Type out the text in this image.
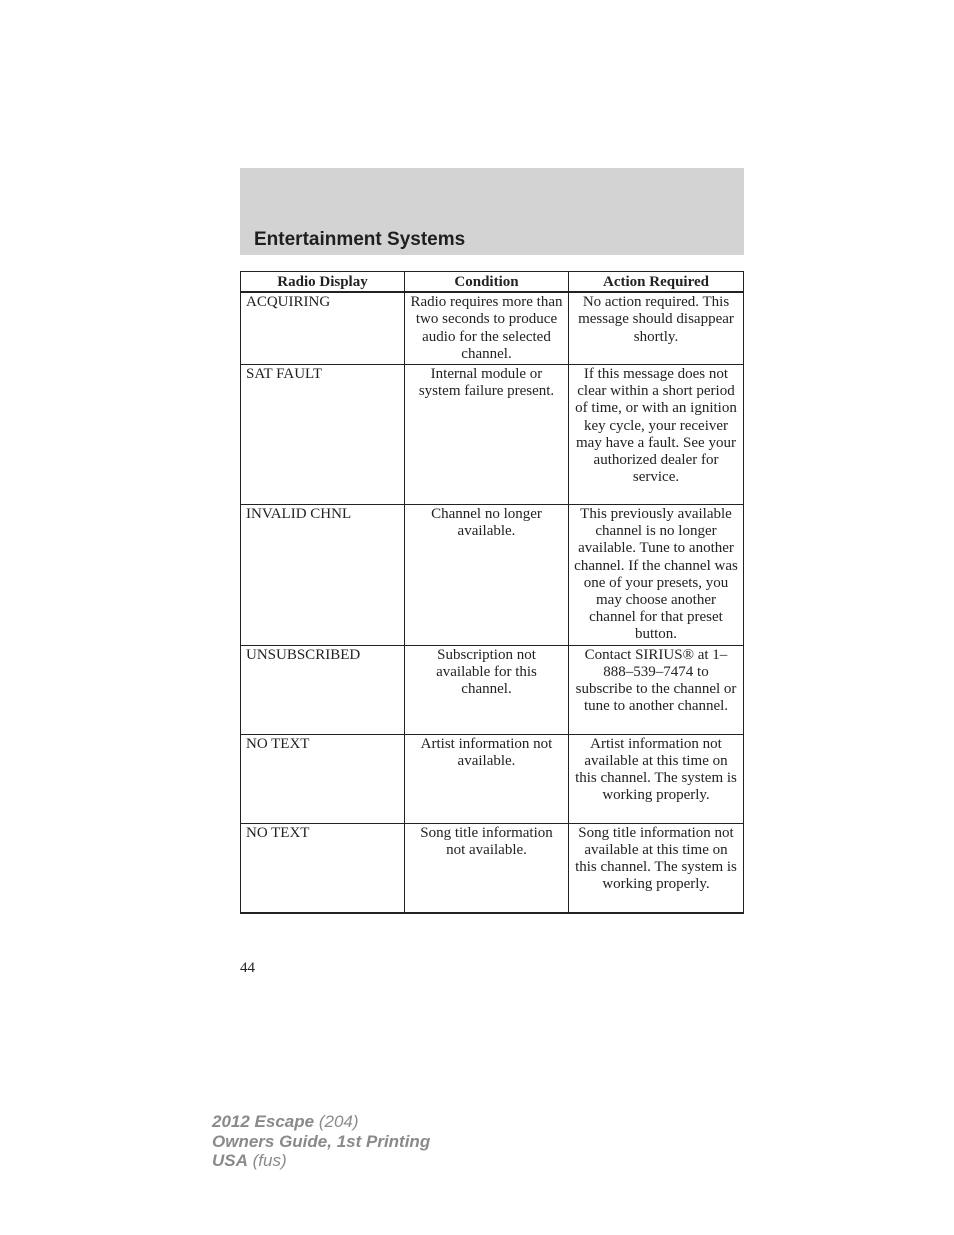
Entertainment Systems
Radio Display	Condition	Action Required
ACQUIRING	Radio requires more than two seconds to produce audio for the selected channel.	No action required. This message should disappear shortly.
SAT FAULT	Internal module or system failure present.	If this message does not clear within a short period of time, or with an ignition key cycle, your receiver may have a fault. See your authorized dealer for service.
INVALID CHNL	Channel no longer available.	This previously available channel is no longer available. Tune to another channel. If the channel was one of your presets, you may choose another channel for that preset button.
UNSUBSCRIBED	Subscription not available for this channel.	Contact SIRIUS® at 1–888–539–7474 to subscribe to the channel or tune to another channel.
NO TEXT	Artist information not available.	Artist information not available at this time on this channel. The system is working properly.
NO TEXT	Song title information not available.	Song title information not available at this time on this channel. The system is working properly.
44
2012 Escape (204)
Owners Guide, 1st Printing
USA (fus)
